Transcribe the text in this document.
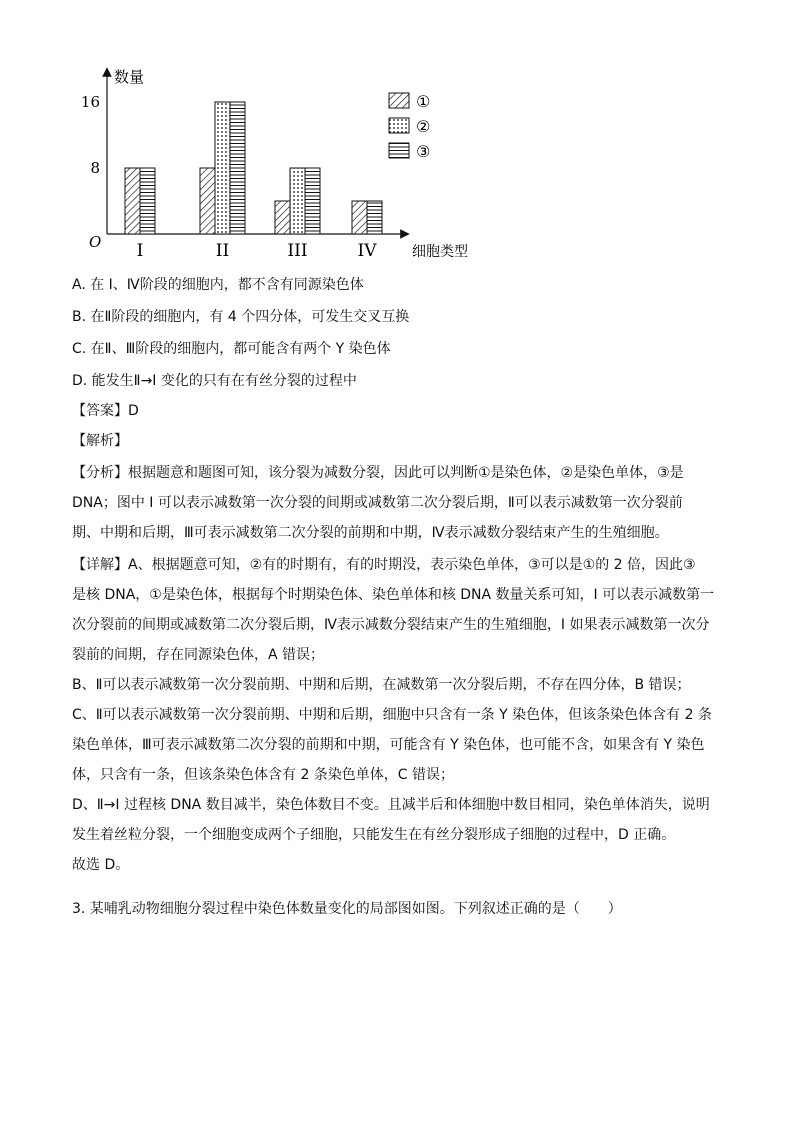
数量
细胞类型
O
8
16
I	II	III	IV
①
②
③
A. 在 I、Ⅳ阶段的细胞内，都不含有同源染色体
B. 在Ⅱ阶段的细胞内，有 4 个四分体，可发生交叉互换
C. 在Ⅱ、Ⅲ阶段的细胞内，都可能含有两个 Y 染色体
D. 能发生Ⅱ→I 变化的只有在有丝分裂的过程中
【答案】D
【解析】
【分析】根据题意和题图可知，该分裂为减数分裂，因此可以判断①是染色体，②是染色单体，③是
DNA；图中 I 可以表示减数第一次分裂的间期或减数第二次分裂后期，Ⅱ可以表示减数第一次分裂前
期、中期和后期，Ⅲ可表示减数第二次分裂的前期和中期，Ⅳ表示减数分裂结束产生的生殖细胞。
【详解】A、根据题意可知，②有的时期有，有的时期没，表示染色单体，③可以是①的 2 倍，因此③
是核 DNA，①是染色体，根据每个时期染色体、染色单体和核 DNA 数量关系可知，I 可以表示减数第一
次分裂前的间期或减数第二次分裂后期，Ⅳ表示减数分裂结束产生的生殖细胞，I 如果表示减数第一次分
裂前的间期，存在同源染色体，A 错误；
B、Ⅱ可以表示减数第一次分裂前期、中期和后期，在减数第一次分裂后期，不存在四分体，B 错误；
C、Ⅱ可以表示减数第一次分裂前期、中期和后期，细胞中只含有一条 Y 染色体，但该条染色体含有 2 条
染色单体，Ⅲ可表示减数第二次分裂的前期和中期，可能含有 Y 染色体，也可能不含，如果含有 Y 染色
体，只含有一条，但该条染色体含有 2 条染色单体，C 错误；
D、Ⅱ→I 过程核 DNA 数目减半，染色体数目不变。且减半后和体细胞中数目相同，染色单体消失，说明
发生着丝粒分裂，一个细胞变成两个子细胞，只能发生在有丝分裂形成子细胞的过程中，D 正确。
故选 D。
3. 某哺乳动物细胞分裂过程中染色体数量变化的局部图如图。下列叙述正确的是（　　）
